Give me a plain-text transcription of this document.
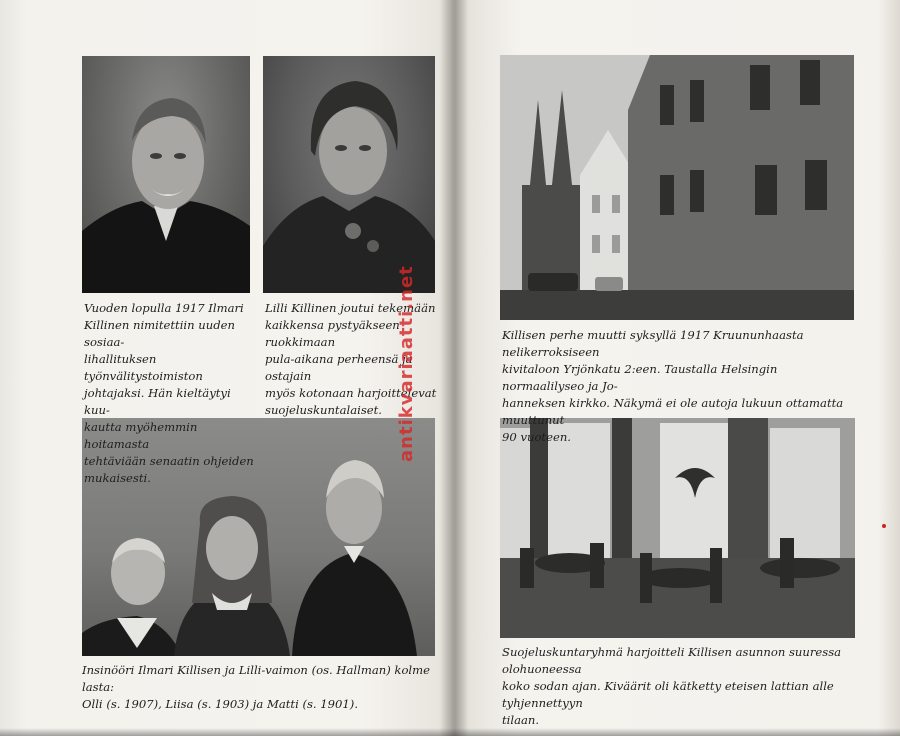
Vuoden lopulla 1917 Ilmari
Killinen nimitettiin uuden sosiaa-
lihallituksen työnvälitystoimiston
johtajaksi. Hän kieltäytyi kuu-
kautta myöhemmin hoitamasta
tehtäviään senaatin ohjeiden
mukaisesti.
Lilli Killinen joutui tekemään
kaikkensa pystyäkseen ruokkimaan
pula-aikana perheensä ja ostajain
myös kotonaan harjoittelevat
suojeluskuntalaiset.
Insinööri Ilmari Killisen ja Lilli-vaimon (os. Hallman) kolme lasta:
Olli (s. 1907), Liisa (s. 1903) ja Matti (s. 1901).
Killisen perhe muutti syksyllä 1917 Kruununhaasta nelikerroksiseen
kivitaloon Yrjönkatu 2:een. Taustalla Helsingin normaalilyseo ja Jo-
hanneksen kirkko. Näkymä ei ole autoja lukuun ottamatta muuttunut
90 vuoteen.
Suojeluskuntaryhmä harjoitteli Killisen asunnon suuressa olohuoneessa
koko sodan ajan. Kiväärit oli kätketty eteisen lattian alle tyhjennettyyn
tilaan.
antikvariaatti.net
